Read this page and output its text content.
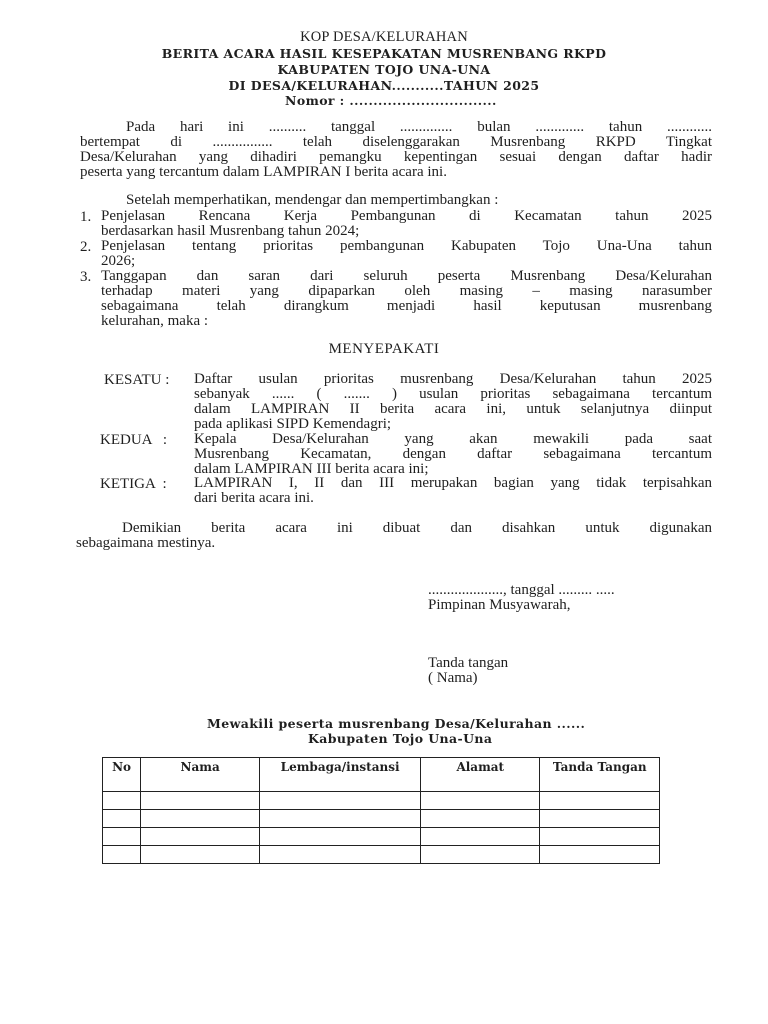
KOP DESA/KELURAHAN
BERITA ACARA HASIL KESEPAKATAN MUSRENBANG RKPD
KABUPATEN TOJO UNA-UNA
DI DESA/KELURAHAN...........TAHUN 2025
Nomor : ...............................
Pada hari ini .......... tanggal .............. bulan ............. tahun ............
bertempat di ................ telah diselenggarakan Musrenbang RKPD Tingkat
Desa/Kelurahan yang dihadiri pemangku kepentingan sesuai dengan daftar hadir
peserta yang tercantum dalam LAMPIRAN I berita acara ini.
Setelah memperhatikan, mendengar dan mempertimbangkan :
1. Penjelasan Rencana Kerja Pembangunan di Kecamatan tahun 2025
berdasarkan hasil Musrenbang tahun 2024;
2. Penjelasan tentang prioritas pembangunan Kabupaten Tojo Una-Una tahun
2026;
3. Tanggapan dan saran dari seluruh peserta Musrenbang Desa/Kelurahan
terhadap materi yang dipaparkan oleh masing – masing narasumber
sebagaimana telah dirangkum menjadi hasil keputusan musrenbang
kelurahan, maka :
MENYEPAKATI
KESATU : Daftar usulan prioritas musrenbang Desa/Kelurahan tahun 2025
sebanyak ...... ( ....... ) usulan prioritas sebagaimana tercantum
dalam LAMPIRAN II berita acara ini, untuk selanjutnya diinput
pada aplikasi SIPD Kemendagri;
KEDUA   : Kepala Desa/Kelurahan yang akan mewakili pada saat
Musrenbang Kecamatan, dengan daftar sebagaimana tercantum
dalam LAMPIRAN III berita acara ini;
KETIGA  : LAMPIRAN I, II dan III merupakan bagian yang tidak terpisahkan
dari berita acara ini.
Demikian berita acara ini dibuat dan disahkan untuk digunakan
sebagaimana mestinya.
...................., tanggal ......... .....
Pimpinan Musyawarah,
Tanda tangan
( Nama)
Mewakili peserta musrenbang Desa/Kelurahan ......
Kabupaten Tojo Una-Una
No	Nama	Lembaga/instansi	Alamat	Tanda Tangan
